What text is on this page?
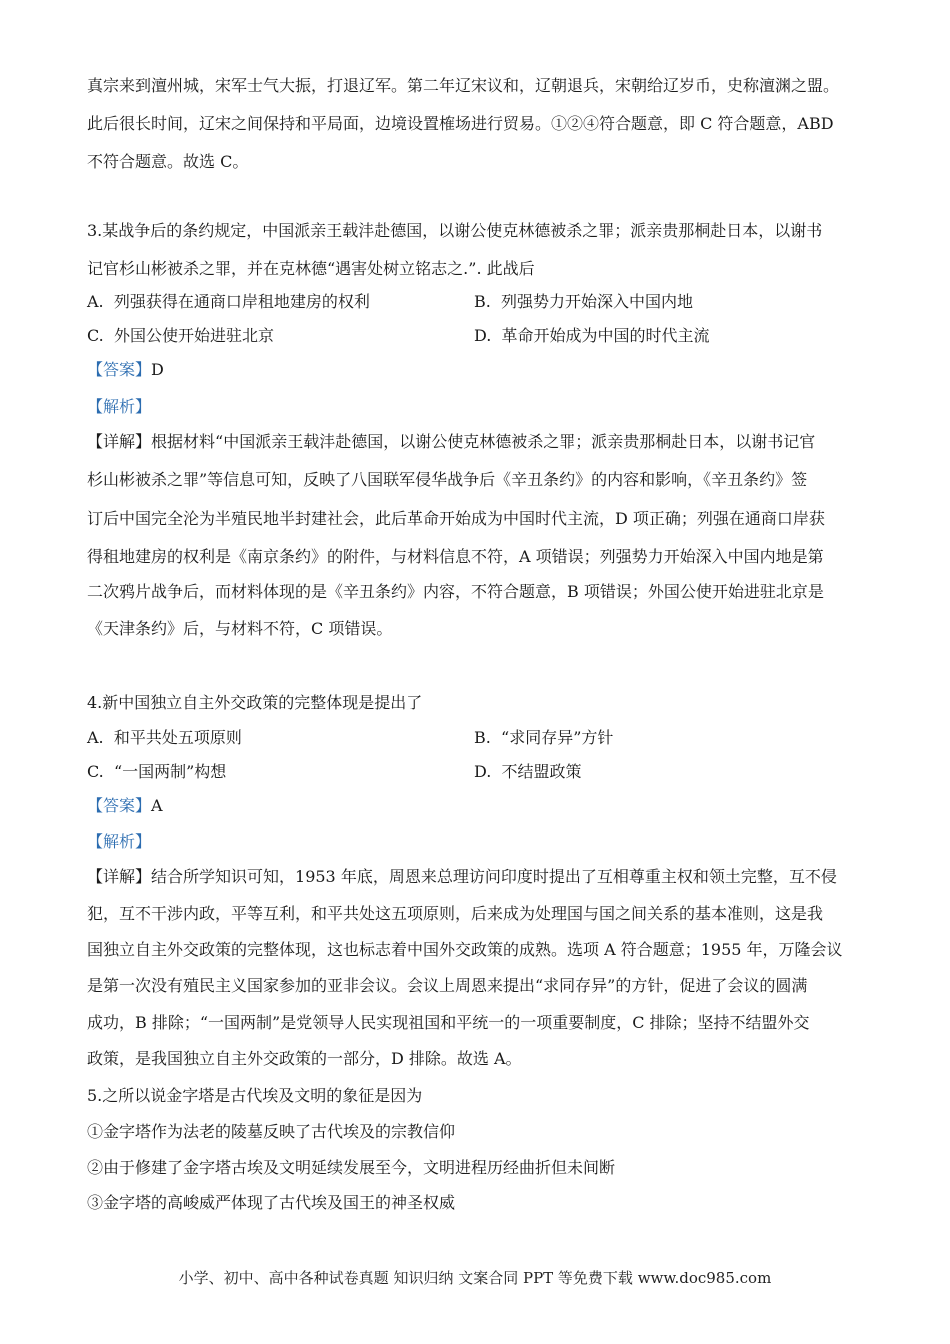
真宗来到澶州城，宋军士气大振，打退辽军。第二年辽宋议和，辽朝退兵，宋朝给辽岁币，史称澶渊之盟。
此后很长时间，辽宋之间保持和平局面，边境设置榷场进行贸易。①②④符合题意，即 C 符合题意，ABD
不符合题意。故选 C。
3.某战争后的条约规定，中国派亲王载沣赴德国，以谢公使克林德被杀之罪；派亲贵那桐赴日本，以谢书
记官杉山彬被杀之罪，并在克林德“遇害处树立铭志之.”. 此战后
A. 列强获得在通商口岸租地建房的权利	B. 列强势力开始深入中国内地
C. 外国公使开始进驻北京	D. 革命开始成为中国的时代主流
【答案】D
【解析】
【详解】根据材料“中国派亲王载沣赴德国，以谢公使克林德被杀之罪；派亲贵那桐赴日本，以谢书记官
杉山彬被杀之罪”等信息可知，反映了八国联军侵华战争后《辛丑条约》的内容和影响，《辛丑条约》签
订后中国完全沦为半殖民地半封建社会，此后革命开始成为中国时代主流，D 项正确；列强在通商口岸获
得租地建房的权利是《南京条约》的附件，与材料信息不符，A 项错误；列强势力开始深入中国内地是第
二次鸦片战争后，而材料体现的是《辛丑条约》内容，不符合题意，B 项错误；外国公使开始进驻北京是
《天津条约》后，与材料不符，C 项错误。
4.新中国独立自主外交政策的完整体现是提出了
A. 和平共处五项原则	B. “求同存异”方针
C. “一国两制”构想	D. 不结盟政策
【答案】A
【解析】
【详解】结合所学知识可知，1953 年底，周恩来总理访问印度时提出了互相尊重主权和领土完整，互不侵
犯，互不干涉内政，平等互利，和平共处这五项原则，后来成为处理国与国之间关系的基本准则，这是我
国独立自主外交政策的完整体现，这也标志着中国外交政策的成熟。选项 A 符合题意；1955 年，万隆会议
是第一次没有殖民主义国家参加的亚非会议。会议上周恩来提出“求同存异”的方针，促进了会议的圆满
成功，B 排除；“一国两制”是党领导人民实现祖国和平统一的一项重要制度，C 排除；坚持不结盟外交
政策，是我国独立自主外交政策的一部分，D 排除。故选 A。
5.之所以说金字塔是古代埃及文明的象征是因为
①金字塔作为法老的陵墓反映了古代埃及的宗教信仰
②由于修建了金字塔古埃及文明延续发展至今，文明进程历经曲折但未间断
③金字塔的高峻威严体现了古代埃及国王的神圣权威
小学、初中、高中各种试卷真题 知识归纳 文案合同 PPT 等免费下载 www.doc985.com
